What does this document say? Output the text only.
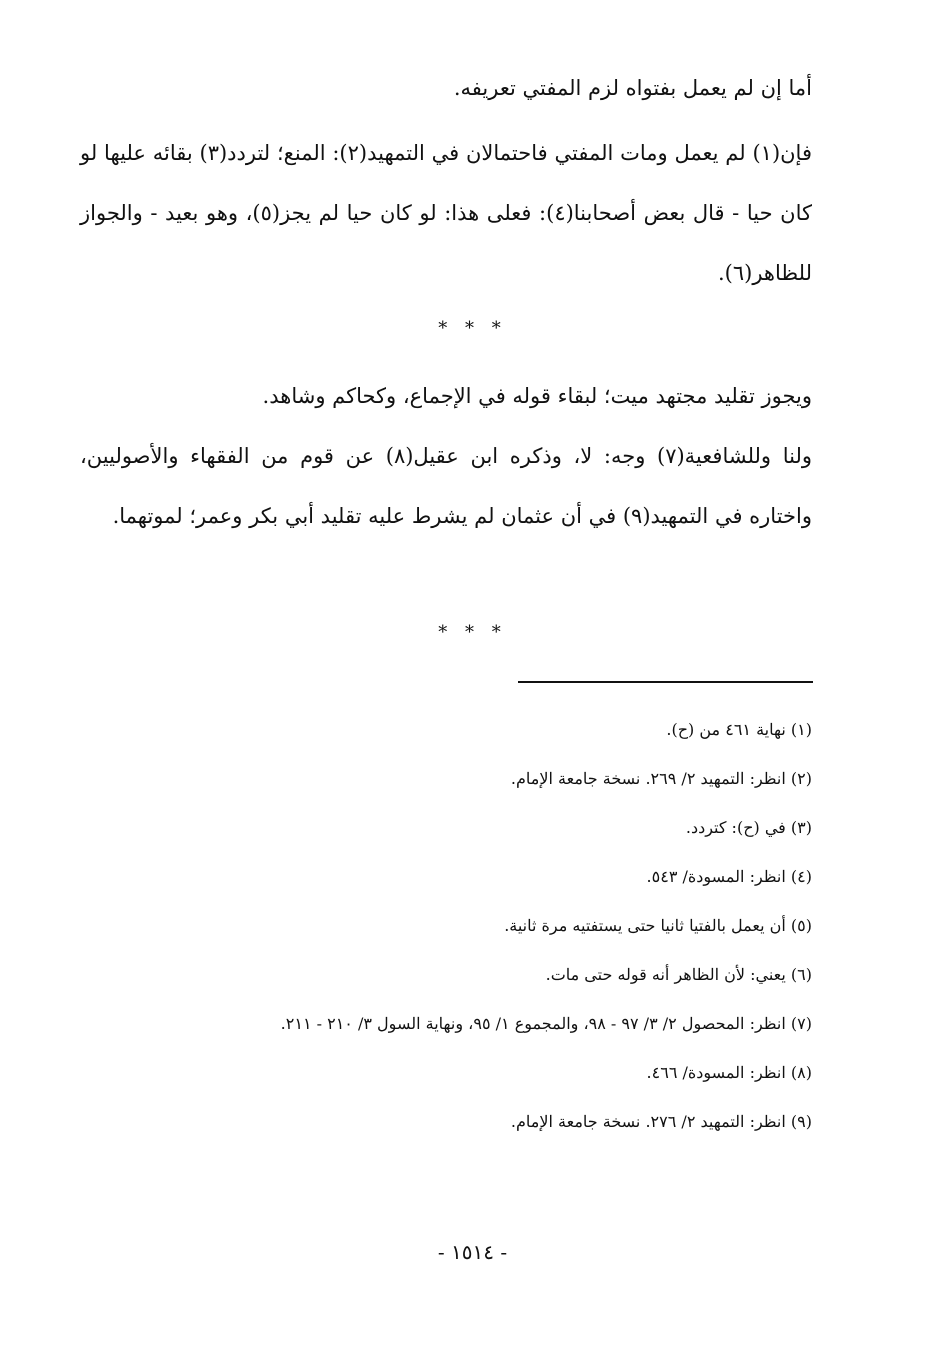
أما إن لم يعمل بفتواه لزم المفتي تعريفه.

فإن(١) لم يعمل ومات المفتي فاحتمالان في التمهيد(٢): المنع؛ لتردد(٣) بقائه عليها لو كان حيا - قال بعض أصحابنا(٤): فعلى هذا: لو كان حيا لم يجز(٥)، وهو بعيد - والجواز للظاهر(٦).

* * *

ويجوز تقليد مجتهد ميت؛ لبقاء قوله في الإجماع، وكحاكم وشاهد.

ولنا وللشافعية(٧) وجه: لا، وذكره ابن عقيل(٨) عن قوم من الفقهاء والأصوليين، واختاره في التمهيد(٩) في أن عثمان لم يشرط عليه تقليد أبي بكر وعمر؛ لموتهما.

* * *

(١) نهاية ٤٦١ من (ح).

(٢) انظر: التمهيد ٢/ ٢٦٩. نسخة جامعة الإمام.

(٣) في (ح): كتردد.

(٤) انظر: المسودة/ ٥٤٣.

(٥) أن يعمل بالفتيا ثانيا حتى يستفتيه مرة ثانية.

(٦) يعني: لأن الظاهر أنه قوله حتى مات.

(٧) انظر: المحصول ٢/ ٣/ ٩٧ - ٩٨، والمجموع ١/ ٩٥، ونهاية السول ٣/ ٢١٠ - ٢١١.

(٨) انظر: المسودة/ ٤٦٦.

(٩) انظر: التمهيد ٢/ ٢٧٦. نسخة جامعة الإمام.

- ١٥١٤ -
